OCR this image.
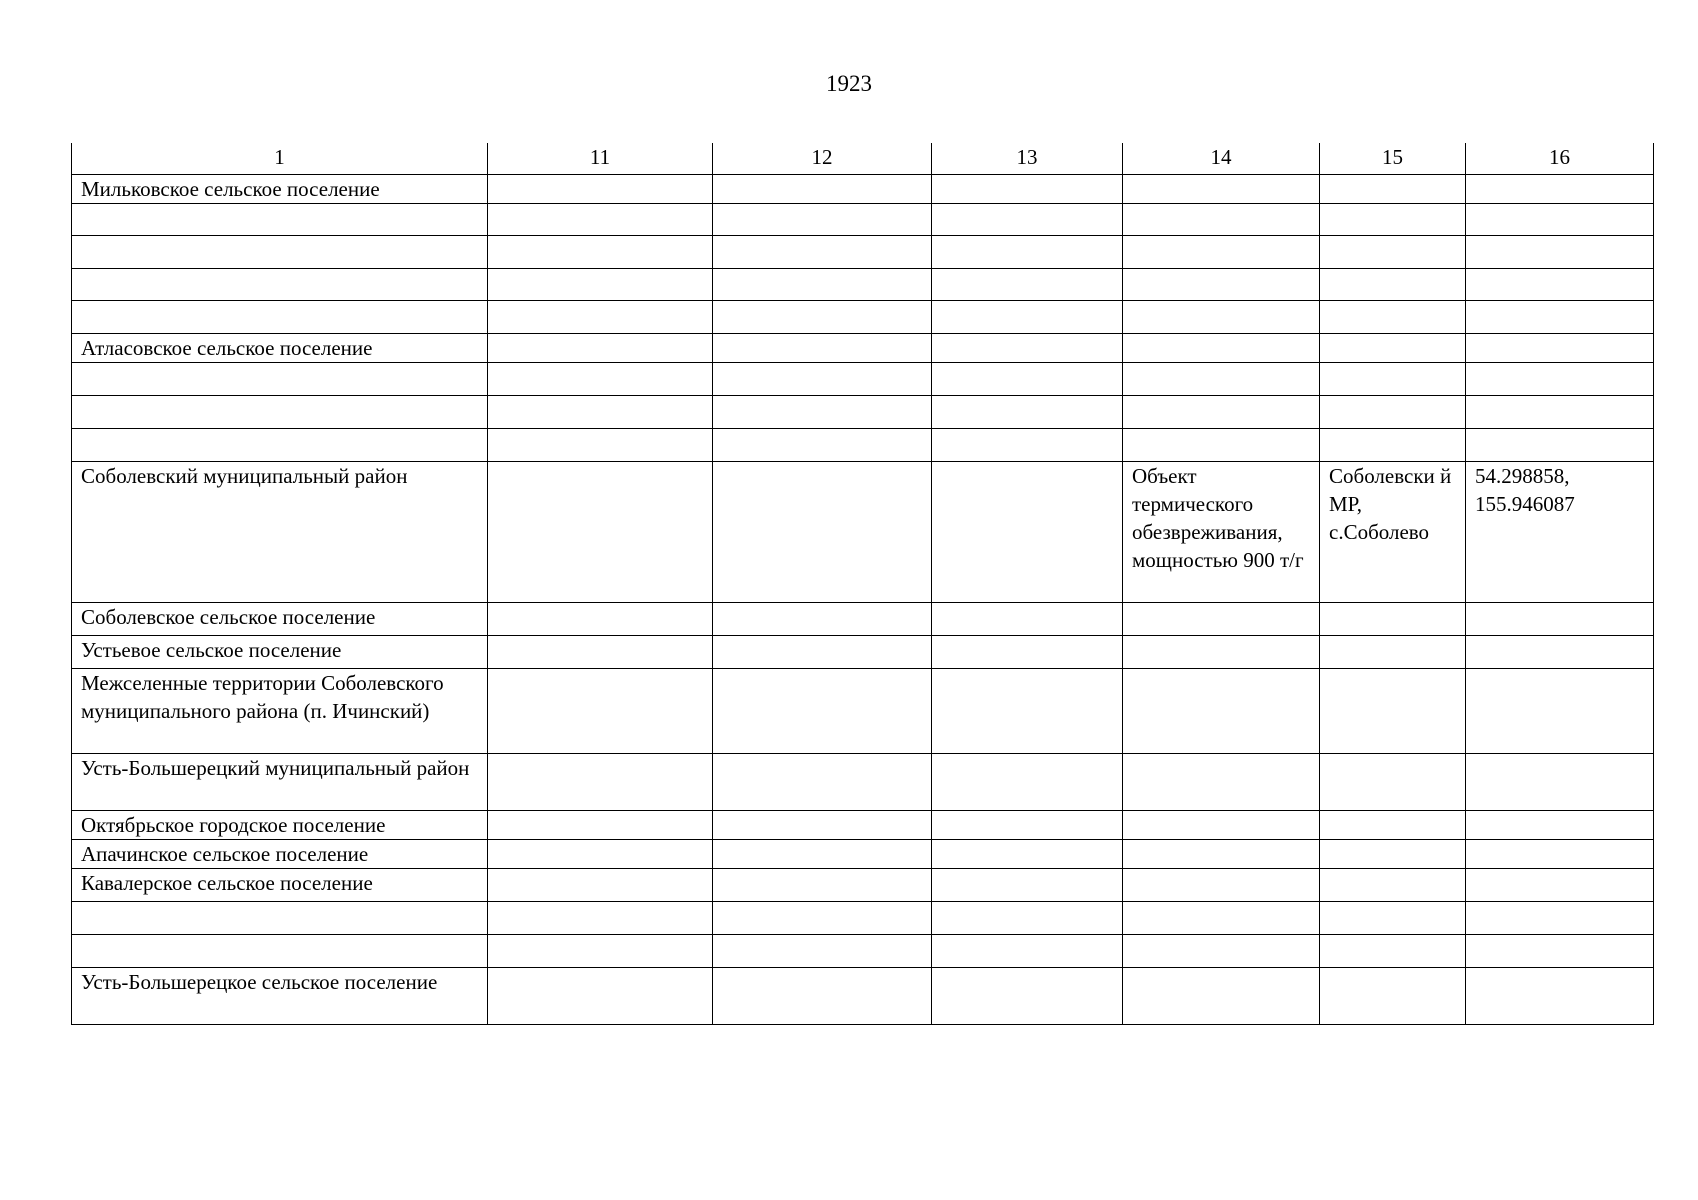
1923
1	11	12	13	14	15	16
Мильковское сельское поселение						

Атласовское сельское поселение						

Соболевский муниципальный район				Объект термического обезвреживания, мощностью 900 т/г	Соболевски й МР, с.Соболево	54.298858, 155.946087
Соболевское сельское поселение						
Устьевое сельское поселение						
Межселенные территории Соболевского муниципального района (п. Ичинский)						
Усть-Большерецкий муниципальный район						
Октябрьское городское поселение						
Апачинское сельское поселение						
Кавалерское сельское поселение						

Усть-Большерецкое сельское поселение						
